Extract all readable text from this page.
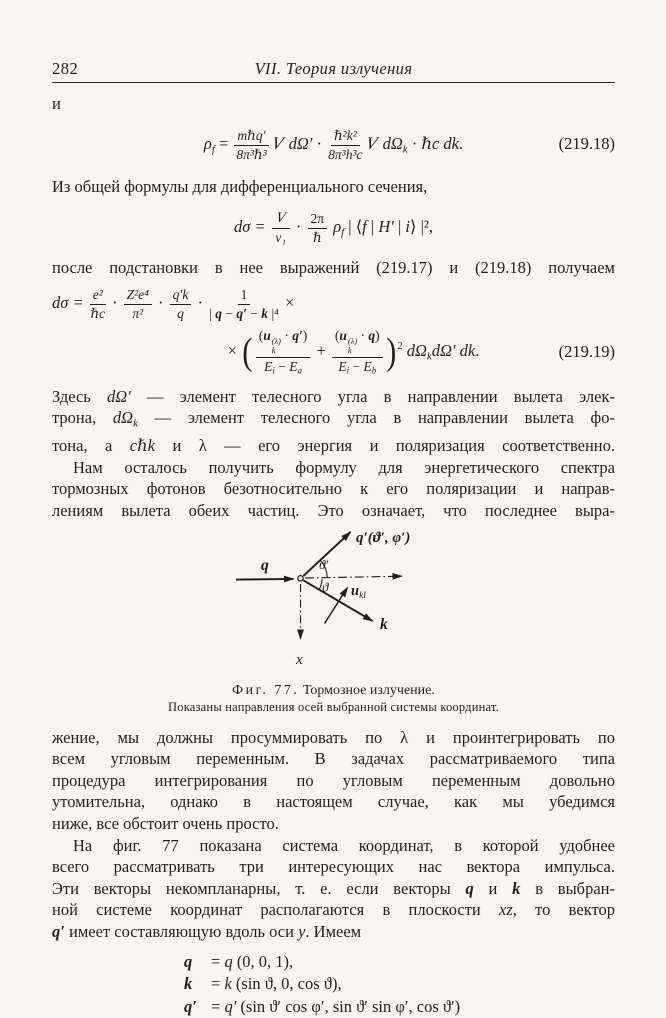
282	VII. Теория излучения
и
$\rho f = \frac{\text{mℏq′}}{\text{8π³ℏ³}}$ V $d\Omega' \cdot \frac{\text{ℏ²k²}}{\text{8π³h³c}}$ V dΩk · ℏc dk.	(219.18)
Из общей формулы для дифференциального сечения,
$d\sigma = \frac{V}{\text{v₁}} \cdot \frac{2\pi}{\text{ℏ}}$ ρf | ⟨f | H′ | i⟩ |²,
после подстановки в нее выражений (219.17) и (219.18) получаем
$d\sigma = \frac{\text{e²}}{\text{ℏc}} \cdot \frac{\text{Z²e⁴}}{\text{π²}} \cdot \frac{q'k}{q} \cdot \frac{1}{\text{| q − q′ − k |⁴}}$ ×
× ( (u (λ)
k
· q′)
Ei − Ea + (u (λ)
k
· q)
Ei − Eb )$^2$ dΩkdΩ′ dk.	(219.19)
Здесь dΩ′ — элемент телесного угла в направлении вылета элек-
трона, dΩk — элемент телесного угла в направлении вылета фо-
тона, а cℏk и λ — его энергия и поляризация соответственно.
Нам осталось получить формулу для энергетического спектра
тормозных фотонов безотносительно к его поляризации и направ-
лениям вылета обеих частиц. Это означает, что последнее выра-
q
q′(ϑ′, φ′)
ϑ′
ϑ $u_{kl}$
k
x
Фиг. 77. Тормозное излучение.
Показаны направления осей выбранной системы координат.
жение, мы должны просуммировать по λ и проинтегрировать по
всем угловым переменным. В задачах рассматриваемого типа
процедура интегрирования по угловым переменным довольно
утомительна, однако в настоящем случае, как мы убедимся
ниже, все обстоит очень просто.
На фиг. 77 показана система координат, в которой удобнее
всего рассматривать три интересующих нас вектора импульса.
Эти векторы некомпланарны, т. е. если векторы q и k в выбран-
ной системе координат располагаются в плоскости xz, то вектор
q′ имеет составляющую вдоль оси y. Имеем
q = q (0, 0, 1),
k = k (sin ϑ, 0, cos ϑ),
q′ = q′ (sin ϑ′ cos φ′, sin ϑ′ sin φ′, cos ϑ′)
